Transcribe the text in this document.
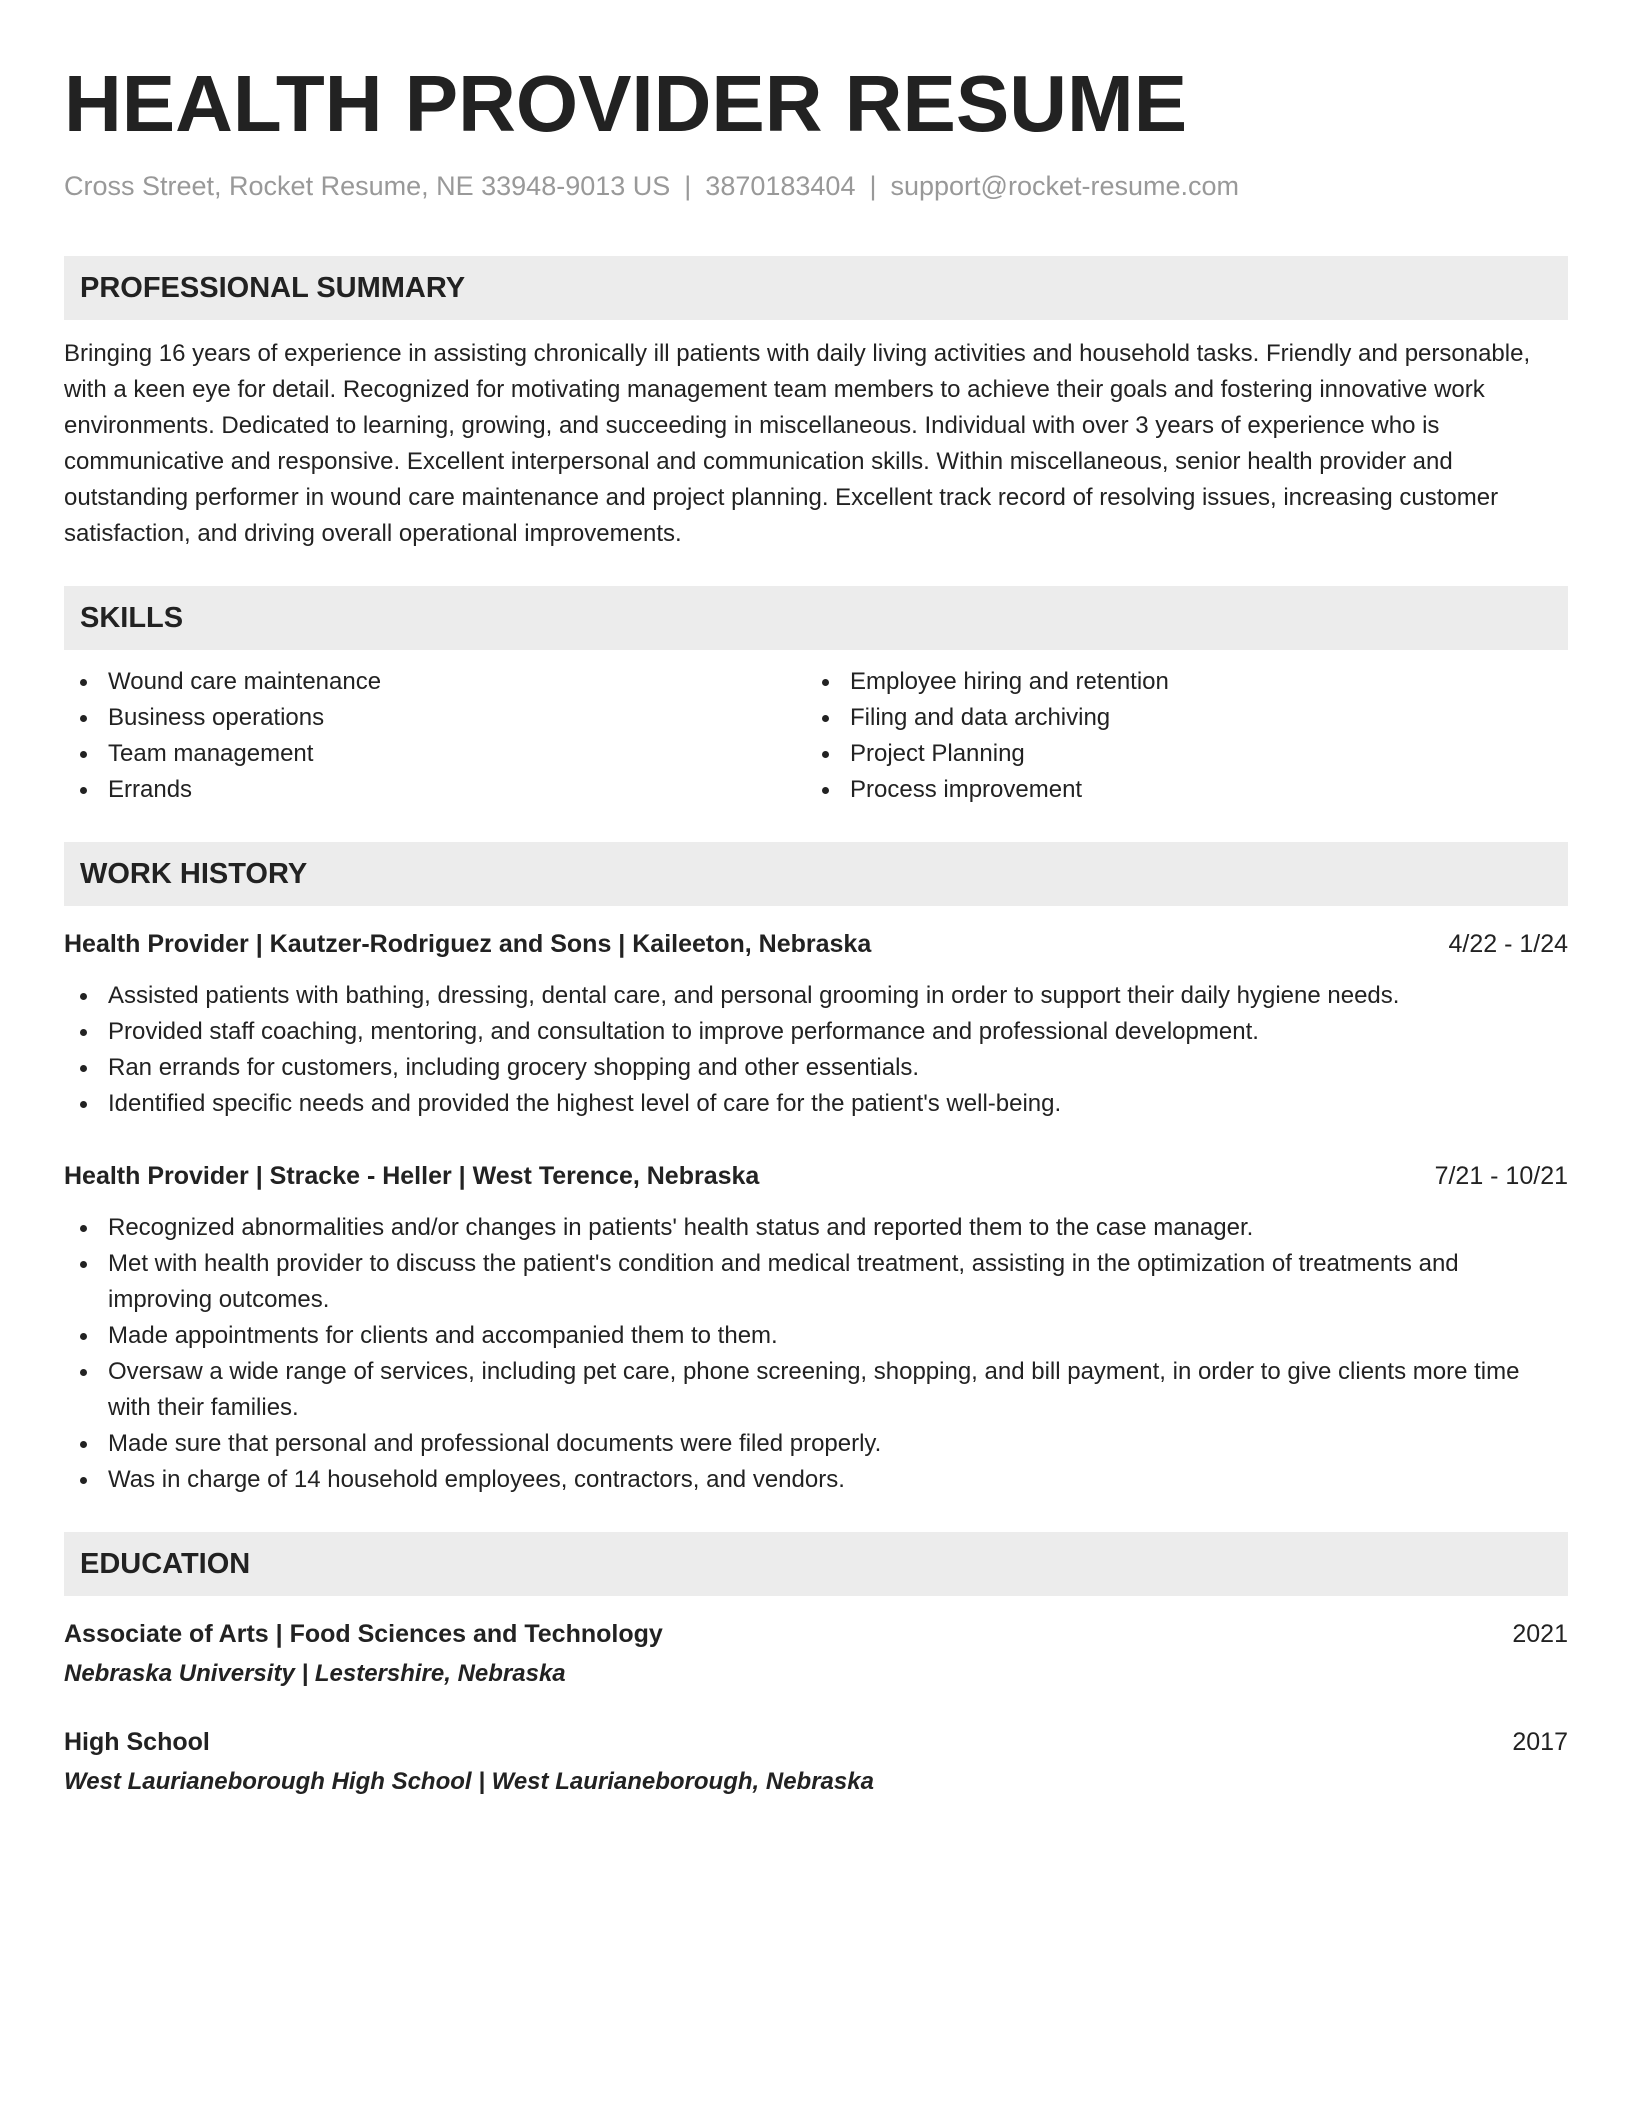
HEALTH PROVIDER RESUME
Cross Street, Rocket Resume, NE 33948-9013 US | 3870183404 | support@rocket-resume.com
PROFESSIONAL SUMMARY

Bringing 16 years of experience in assisting chronically ill patients with daily living activities and household tasks. Friendly and personable, with a keen eye for detail. Recognized for motivating management team members to achieve their goals and fostering innovative work environments. Dedicated to learning, growing, and succeeding in miscellaneous. Individual with over 3 years of experience who is communicative and responsive. Excellent interpersonal and communication skills. Within miscellaneous, senior health provider and outstanding performer in wound care maintenance and project planning. Excellent track record of resolving issues, increasing customer satisfaction, and driving overall operational improvements.

SKILLS
Wound care maintenance
Business operations
Team management
Errands
Employee hiring and retention
Filing and data archiving
Project Planning
Process improvement
WORK HISTORY
Health Provider | Kautzer-Rodriguez and Sons | Kaileeton, Nebraska	4/22 - 1/24
Assisted patients with bathing, dressing, dental care, and personal grooming in order to support their daily hygiene needs.
Provided staff coaching, mentoring, and consultation to improve performance and professional development.
Ran errands for customers, including grocery shopping and other essentials.
Identified specific needs and provided the highest level of care for the patient's well-being.
Health Provider | Stracke - Heller | West Terence, Nebraska	7/21 - 10/21
Recognized abnormalities and/or changes in patients' health status and reported them to the case manager.
Met with health provider to discuss the patient's condition and medical treatment, assisting in the optimization of treatments and improving outcomes.
Made appointments for clients and accompanied them to them.
Oversaw a wide range of services, including pet care, phone screening, shopping, and bill payment, in order to give clients more time with their families.
Made sure that personal and professional documents were filed properly.
Was in charge of 14 household employees, contractors, and vendors.
EDUCATION
Associate of Arts | Food Sciences and Technology	2021
Nebraska University | Lestershire, Nebraska
High School	2017
West Laurianeborough High School | West Laurianeborough, Nebraska
